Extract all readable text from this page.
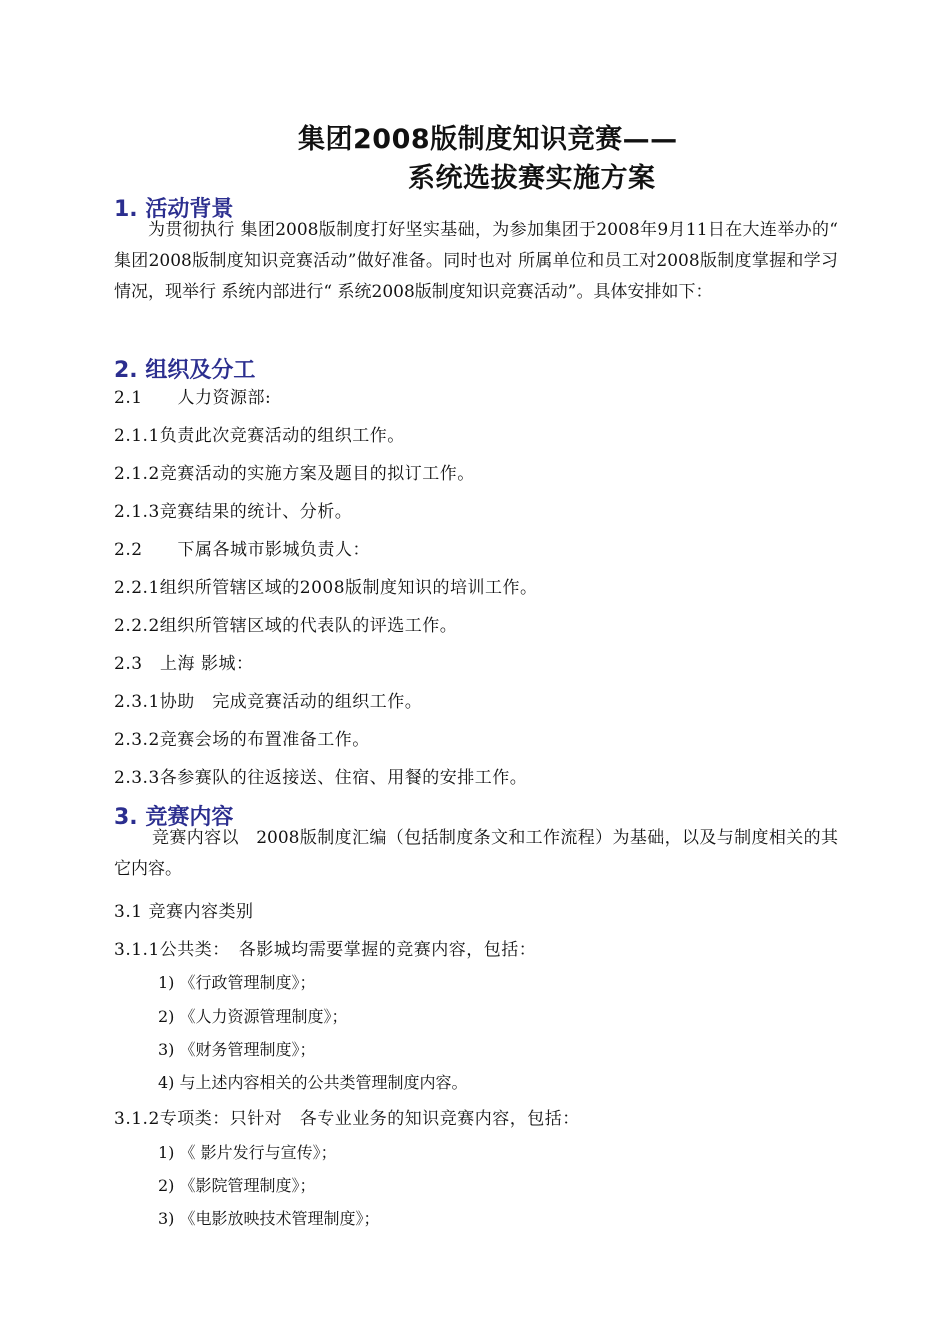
集团2008版制度知识竞赛——
系统选拔赛实施方案
1. 活动背景
为贯彻执行 集团2008版制度打好坚实基础，为参加集团于2008年9月11日在大连举办的“ 集团2008版制度知识竞赛活动”做好准备。同时也对 所属单位和员工对2008版制度掌握和学习情况，现举行 系统内部进行“ 系统2008版制度知识竞赛活动”。具体安排如下：
2. 组织及分工
2.1　　人力资源部:
2.1.1负责此次竞赛活动的组织工作。
2.1.2竞赛活动的实施方案及题目的拟订工作。
2.1.3竞赛结果的统计、分析。
2.2　　下属各城市影城负责人：
2.2.1组织所管辖区域的2008版制度知识的培训工作。
2.2.2组织所管辖区域的代表队的评选工作。
2.3　上海 影城：
2.3.1协助　完成竞赛活动的组织工作。
2.3.2竞赛会场的布置准备工作。
2.3.3各参赛队的往返接送、住宿、用餐的安排工作。
3. 竞赛内容
竞赛内容以　2008版制度汇编（包括制度条文和工作流程）为基础，以及与制度相关的其它内容。
3.1 竞赛内容类别
3.1.1公共类：　各影城均需要掌握的竞赛内容，包括：
1) 《行政管理制度》；
2) 《人力资源管理制度》；
3) 《财务管理制度》；
4) 与上述内容相关的公共类管理制度内容。
3.1.2专项类：只针对　各专业业务的知识竞赛内容，包括：
1) 《 影片发行与宣传》；
2) 《影院管理制度》；
3) 《电影放映技术管理制度》；
